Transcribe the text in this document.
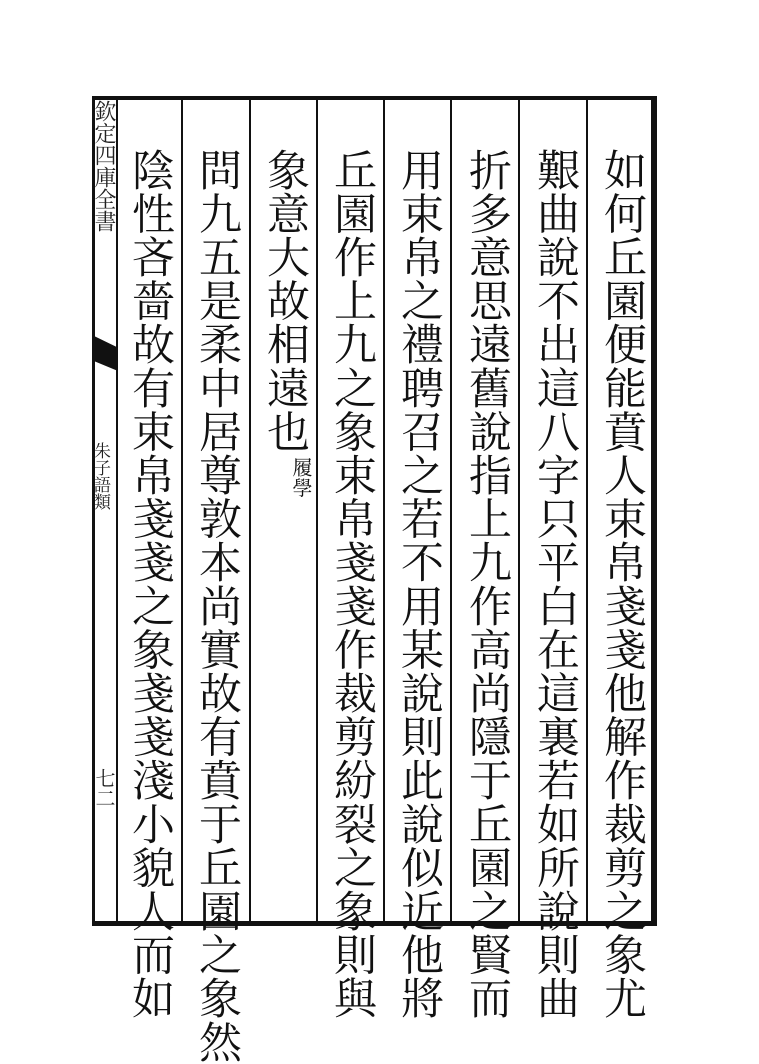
欽定四庫全書
朱子語類
七二	如何丘園便能賁人束帛戔戔他解作裁剪之象尤
艱曲說不出這八字只平白在這裏若如所說則曲
折多意思遠舊說指上九作高尚隱于丘園之賢而
用束帛之禮聘召之若不用某說則此說似近他將
丘園作上九之象束帛戔戔作裁剪紛裂之象則與
象意大故相遠也履學
問九五是柔中居尊敦本尚實故有賁于丘園之象然
陰性吝嗇故有束帛戔戔之象戔戔淺小貌人而如
